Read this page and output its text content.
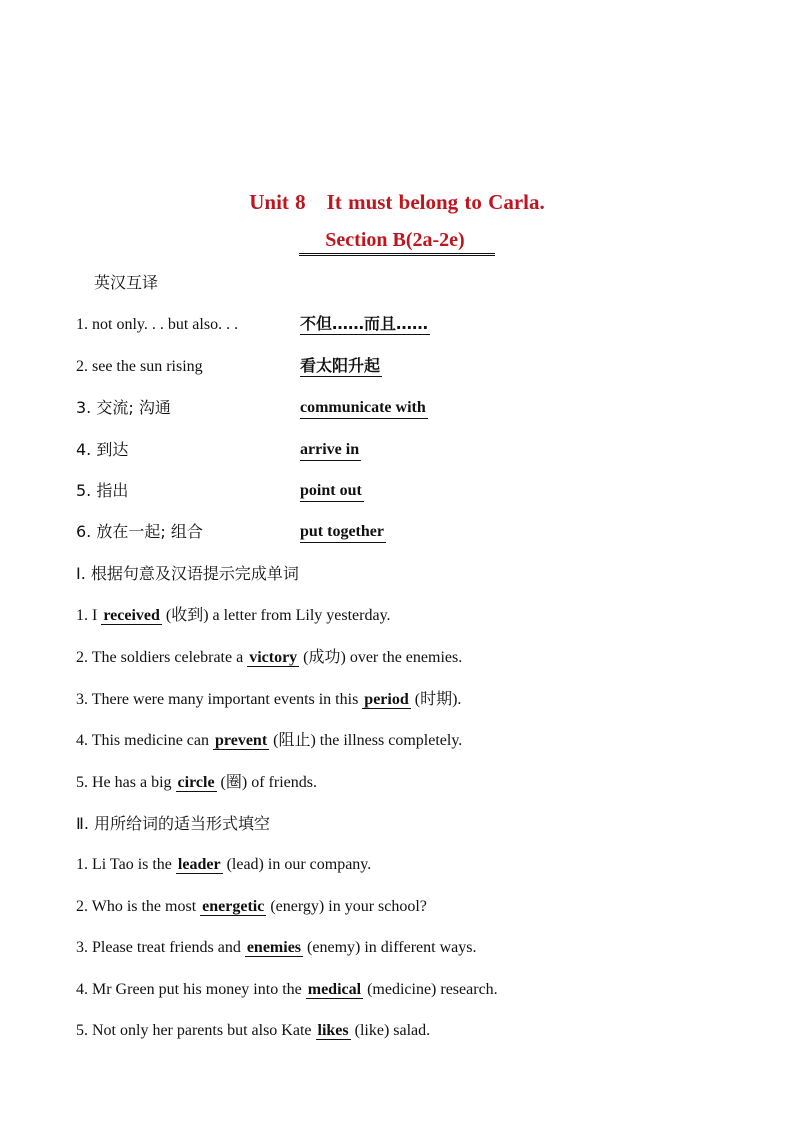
Unit 8　It must belong to Carla.
Section B(2a-2e)
英汉互译
1. not only. . . but also. . .	不但……而且……
2. see the sun rising	看太阳升起
3. 交流; 沟通	communicate with
4. 到达	arrive in
5. 指出	point out
6. 放在一起; 组合	put together
Ⅰ. 根据句意及汉语提示完成单词
1. I received (收到) a letter from Lily yesterday.
2. The soldiers celebrate a victory (成功) over the enemies.
3. There were many important events in this period (时期).
4. This medicine can prevent (阻止) the illness completely.
5. He has a big circle (圈) of friends.
Ⅱ. 用所给词的适当形式填空
1. Li Tao is the leader (lead) in our company.
2. Who is the most energetic (energy) in your school?
3. Please treat friends and enemies (enemy) in different ways.
4. Mr Green put his money into the medical (medicine) research.
5. Not only her parents but also Kate likes (like) salad.
